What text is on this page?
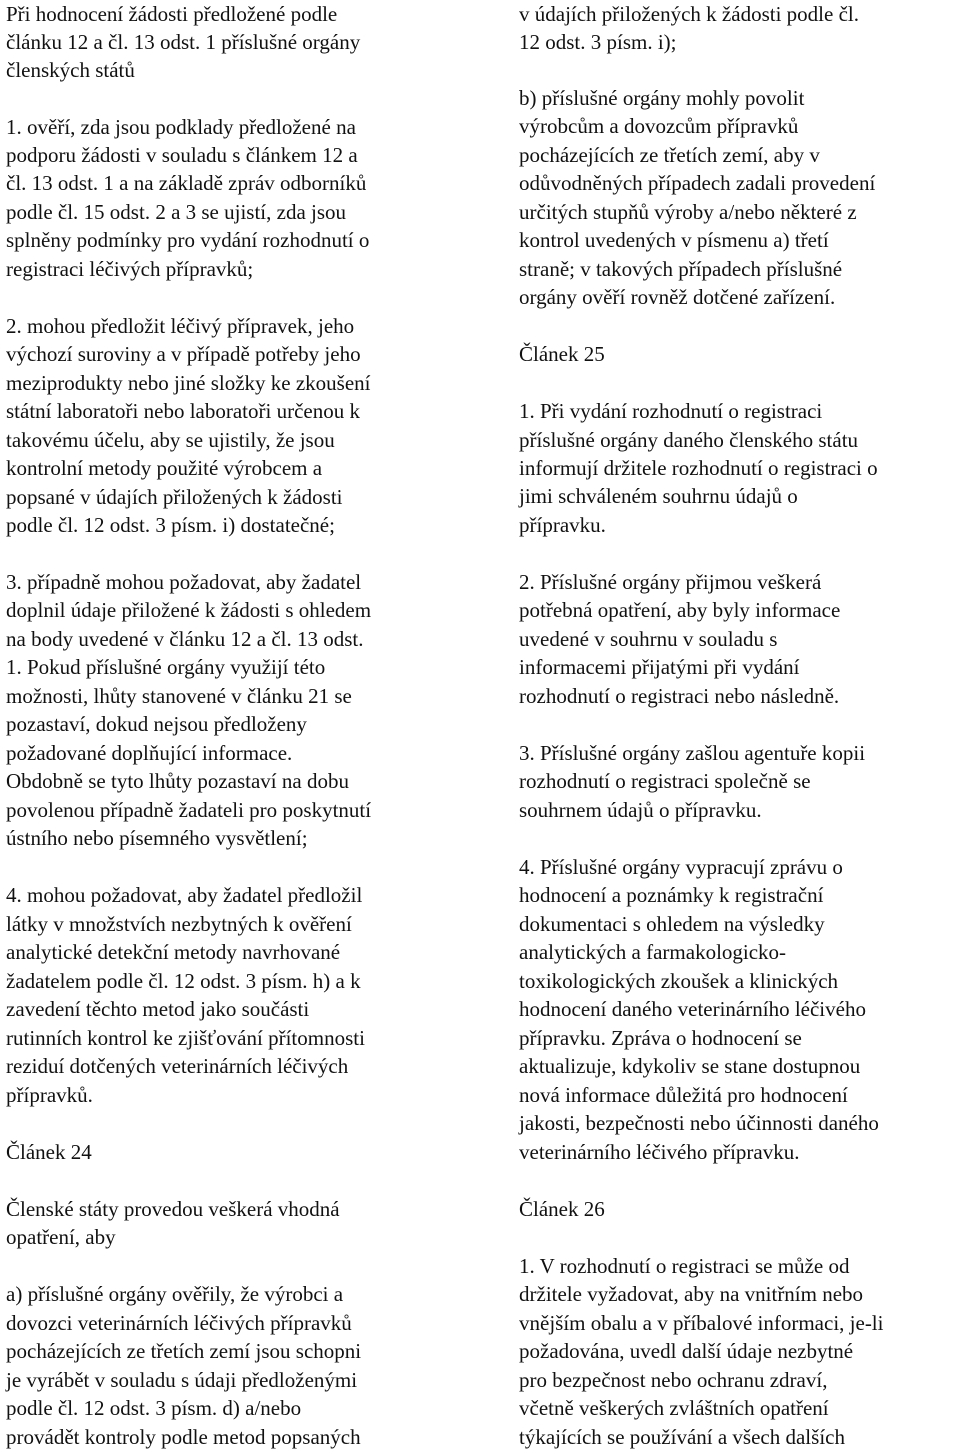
Při hodnocení žádosti předložené podle
článku 12 a čl. 13 odst. 1 příslušné orgány
členských států
1. ověří, zda jsou podklady předložené na
podporu žádosti v souladu s článkem 12 a
čl. 13 odst. 1 a na základě zpráv odborníků
podle čl. 15 odst. 2 a 3 se ujistí, zda jsou
splněny podmínky pro vydání rozhodnutí o
registraci léčivých přípravků;
2. mohou předložit léčivý přípravek, jeho
výchozí suroviny a v případě potřeby jeho
meziprodukty nebo jiné složky ke zkoušení
státní laboratoři nebo laboratoři určenou k
takovému účelu, aby se ujistily, že jsou
kontrolní metody použité výrobcem a
popsané v údajích přiložených k žádosti
podle čl. 12 odst. 3 písm. i) dostatečné;
3. případně mohou požadovat, aby žadatel
doplnil údaje přiložené k žádosti s ohledem
na body uvedené v článku 12 a čl. 13 odst.
1. Pokud příslušné orgány využijí této
možnosti, lhůty stanovené v článku 21 se
pozastaví, dokud nejsou předloženy
požadované doplňující informace.
Obdobně se tyto lhůty pozastaví na dobu
povolenou případně žadateli pro poskytnutí
ústního nebo písemného vysvětlení;
4. mohou požadovat, aby žadatel předložil
látky v množstvích nezbytných k ověření
analytické detekční metody navrhované
žadatelem podle čl. 12 odst. 3 písm. h) a k
zavedení těchto metod jako součásti
rutinních kontrol ke zjišťování přítomnosti
reziduí dotčených veterinárních léčivých
přípravků.
Článek 24
Členské státy provedou veškerá vhodná
opatření, aby
a) příslušné orgány ověřily, že výrobci a
dovozci veterinárních léčivých přípravků
pocházejících ze třetích zemí jsou schopni
je vyrábět v souladu s údaji předloženými
podle čl. 12 odst. 3 písm. d) a/nebo
provádět kontroly podle metod popsaných
v údajích přiložených k žádosti podle čl.
12 odst. 3 písm. i);
b) příslušné orgány mohly povolit
výrobcům a dovozcům přípravků
pocházejících ze třetích zemí, aby v
odůvodněných případech zadali provedení
určitých stupňů výroby a/nebo některé z
kontrol uvedených v písmenu a) třetí
straně; v takových případech příslušné
orgány ověří rovněž dotčené zařízení.
Článek 25
1. Při vydání rozhodnutí o registraci
příslušné orgány daného členského státu
informují držitele rozhodnutí o registraci o
jimi schváleném souhrnu údajů o
přípravku.
2. Příslušné orgány přijmou veškerá
potřebná opatření, aby byly informace
uvedené v souhrnu v souladu s
informacemi přijatými při vydání
rozhodnutí o registraci nebo následně.
3. Příslušné orgány zašlou agentuře kopii
rozhodnutí o registraci společně se
souhrnem údajů o přípravku.
4. Příslušné orgány vypracují zprávu o
hodnocení a poznámky k registrační
dokumentaci s ohledem na výsledky
analytických a farmakologicko-
toxikologických zkoušek a klinických
hodnocení daného veterinárního léčivého
přípravku. Zpráva o hodnocení se
aktualizuje, kdykoliv se stane dostupnou
nová informace důležitá pro hodnocení
jakosti, bezpečnosti nebo účinnosti daného
veterinárního léčivého přípravku.
Článek 26
1. V rozhodnutí o registraci se může od
držitele vyžadovat, aby na vnitřním nebo
vnějším obalu a v příbalové informaci, je-li
požadována, uvedl další údaje nezbytné
pro bezpečnost nebo ochranu zdraví,
včetně veškerých zvláštních opatření
týkajících se používání a všech dalších
